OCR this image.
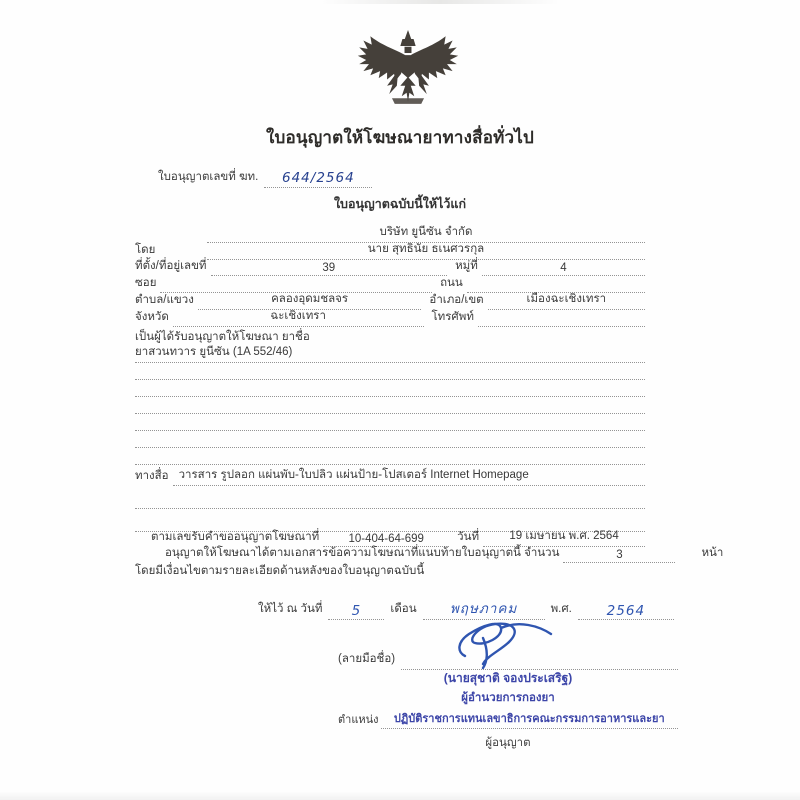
ใบอนุญาตให้โฆษณายาทางสื่อทั่วไป
ใบอนุญาตเลขที่ ฆท.	644/2564
ใบอนุญาตฉบับนี้ให้ไว้แก่
บริษัท ยูนีซัน จำกัด
โดย	นาย สุทธินัย ธเนศวรกุล
ที่ตั้ง/ที่อยู่เลขที่	39	หมู่ที่	4
ซอย	ถนน
ตำบล/แขวง	คลองอุดมชลจร	อำเภอ/เขต	เมืองฉะเชิงเทรา
จังหวัด	ฉะเชิงเทรา	โทรศัพท์
เป็นผู้ได้รับอนุญาตให้โฆษณา ยาชื่อ
ยาสวนทวาร ยูนีซัน (1A 552/46)
ทางสื่อ วารสาร รูปลอก แผ่นพับ-ใบปลิว แผ่นป้าย-โปสเตอร์ Internet Homepage
ตามเลขรับคำขออนุญาตโฆษณาที่	10-404-64-699	วันที่	19 เมษายน พ.ศ. 2564
อนุญาตให้โฆษณาได้ตามเอกสารข้อความโฆษณาที่แนบท้ายใบอนุญาตนี้ จำนวน	3	หน้า
โดยมีเงื่อนไขตามรายละเอียดด้านหลังของใบอนุญาตฉบับนี้
ให้ไว้ ณ วันที่	5	เดือน	พฤษภาคม	พ.ศ.	2564
(ลายมือชื่อ)
(นายสุชาติ จองประเสริฐ)
ผู้อำนวยการกองยา
ตำแหน่ง	ปฏิบัติราชการแทนเลขาธิการคณะกรรมการอาหารและยา
ผู้อนุญาต
